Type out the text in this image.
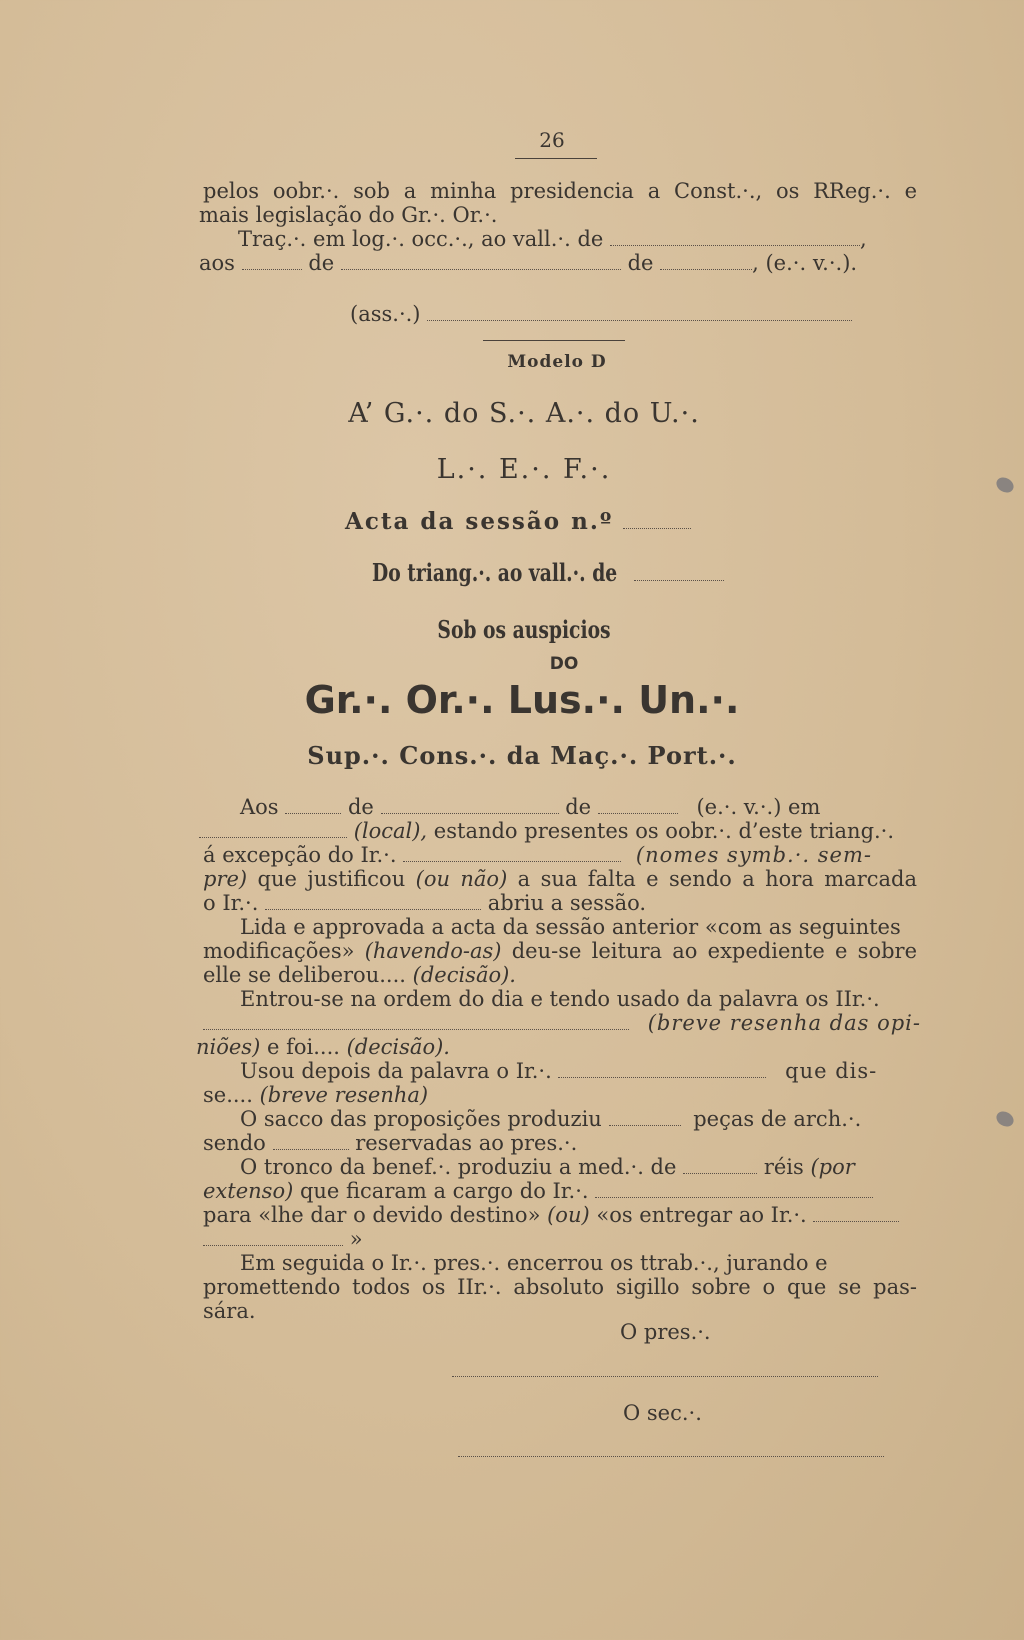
26
pelos oobr.·. sob a minha presidencia a Const.·., os RReg.·. e
mais legislação do Gr.·. Or.·.
Traç.·. em log.·. occ.·., ao vall.·. de	,
aos	de	de	, (e.·. v.·.).
(ass.·.)
Modelo D
A’ G.·. do S.·. A.·. do U.·.
L.·. E.·. F.·.
Acta da sessão n.º
Do triang.·. ao vall.·. de
Sob os auspicios
DO
Gr.·. Or.·. Lus.·. Un.·.
Sup.·. Cons.·. da Maç.·. Port.·.
Aos	de	de	(e.·. v.·.) em
(local), estando presentes os oobr.·. d’este triang.·.
á excepção do Ir.·.	(nomes symb.·. sem-
pre) que justificou (ou não) a sua falta e sendo a hora marcada
o Ir.·.	abriu a sessão.
Lida e approvada a acta da sessão anterior «com as seguintes
modificações» (havendo-as) deu-se leitura ao expediente e sobre
elle se deliberou.... (decisão).
Entrou-se na ordem do dia e tendo usado da palavra os IIr.·.
(breve resenha das opi-
niões) e foi.... (decisão).
Usou depois da palavra o Ir.·.	que dis-
se.... (breve resenha)
O sacco das proposições produziu	peças de arch.·.
sendo	reservadas ao pres.·.
O tronco da benef.·. produziu a med.·. de	réis (por
extenso) que ficaram a cargo do Ir.·.
para «lhe dar o devido destino» (ou) «os entregar ao Ir.·.
»
Em seguida o Ir.·. pres.·. encerrou os ttrab.·., jurando e
promettendo todos os IIr.·. absoluto sigillo sobre o que se pas-
sára.
O pres.·.
O sec.·.
